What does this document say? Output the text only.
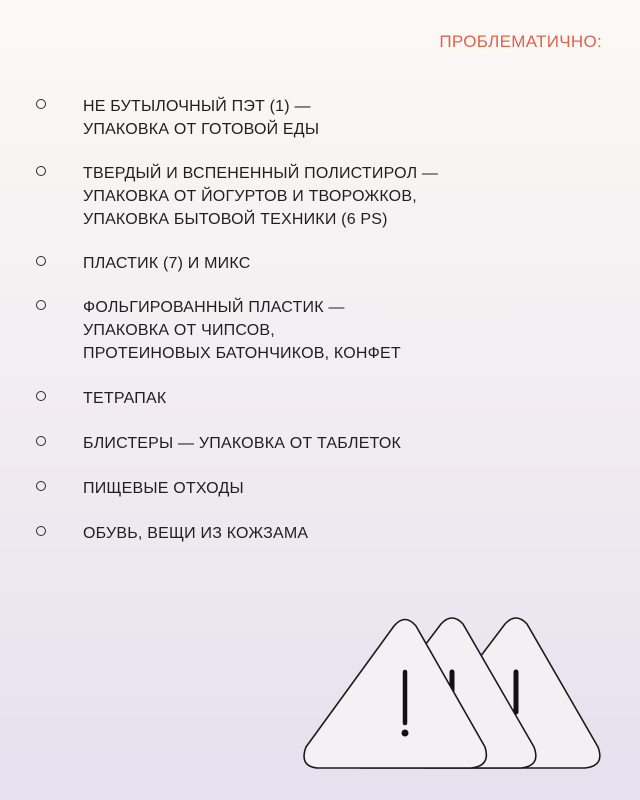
ПРОБЛЕМАТИЧНО:
НЕ БУТЫЛОЧНЫЙ ПЭТ (1) —
УПАКОВКА ОТ ГОТОВОЙ ЕДЫ
ТВЕРДЫЙ И ВСПЕНЕННЫЙ ПОЛИСТИРОЛ —
УПАКОВКА ОТ ЙОГУРТОВ И ТВОРОЖКОВ,
УПАКОВКА БЫТОВОЙ ТЕХНИКИ (6 PS)
ПЛАСТИК (7) И МИКС
ФОЛЬГИРОВАННЫЙ ПЛАСТИК —
УПАКОВКА ОТ ЧИПСОВ,
ПРОТЕИНОВЫХ БАТОНЧИКОВ, КОНФЕТ
ТЕТРАПАК
БЛИСТЕРЫ — УПАКОВКА ОТ ТАБЛЕТОК
ПИЩЕВЫЕ ОТХОДЫ
ОБУВЬ, ВЕЩИ ИЗ КОЖЗАМА
